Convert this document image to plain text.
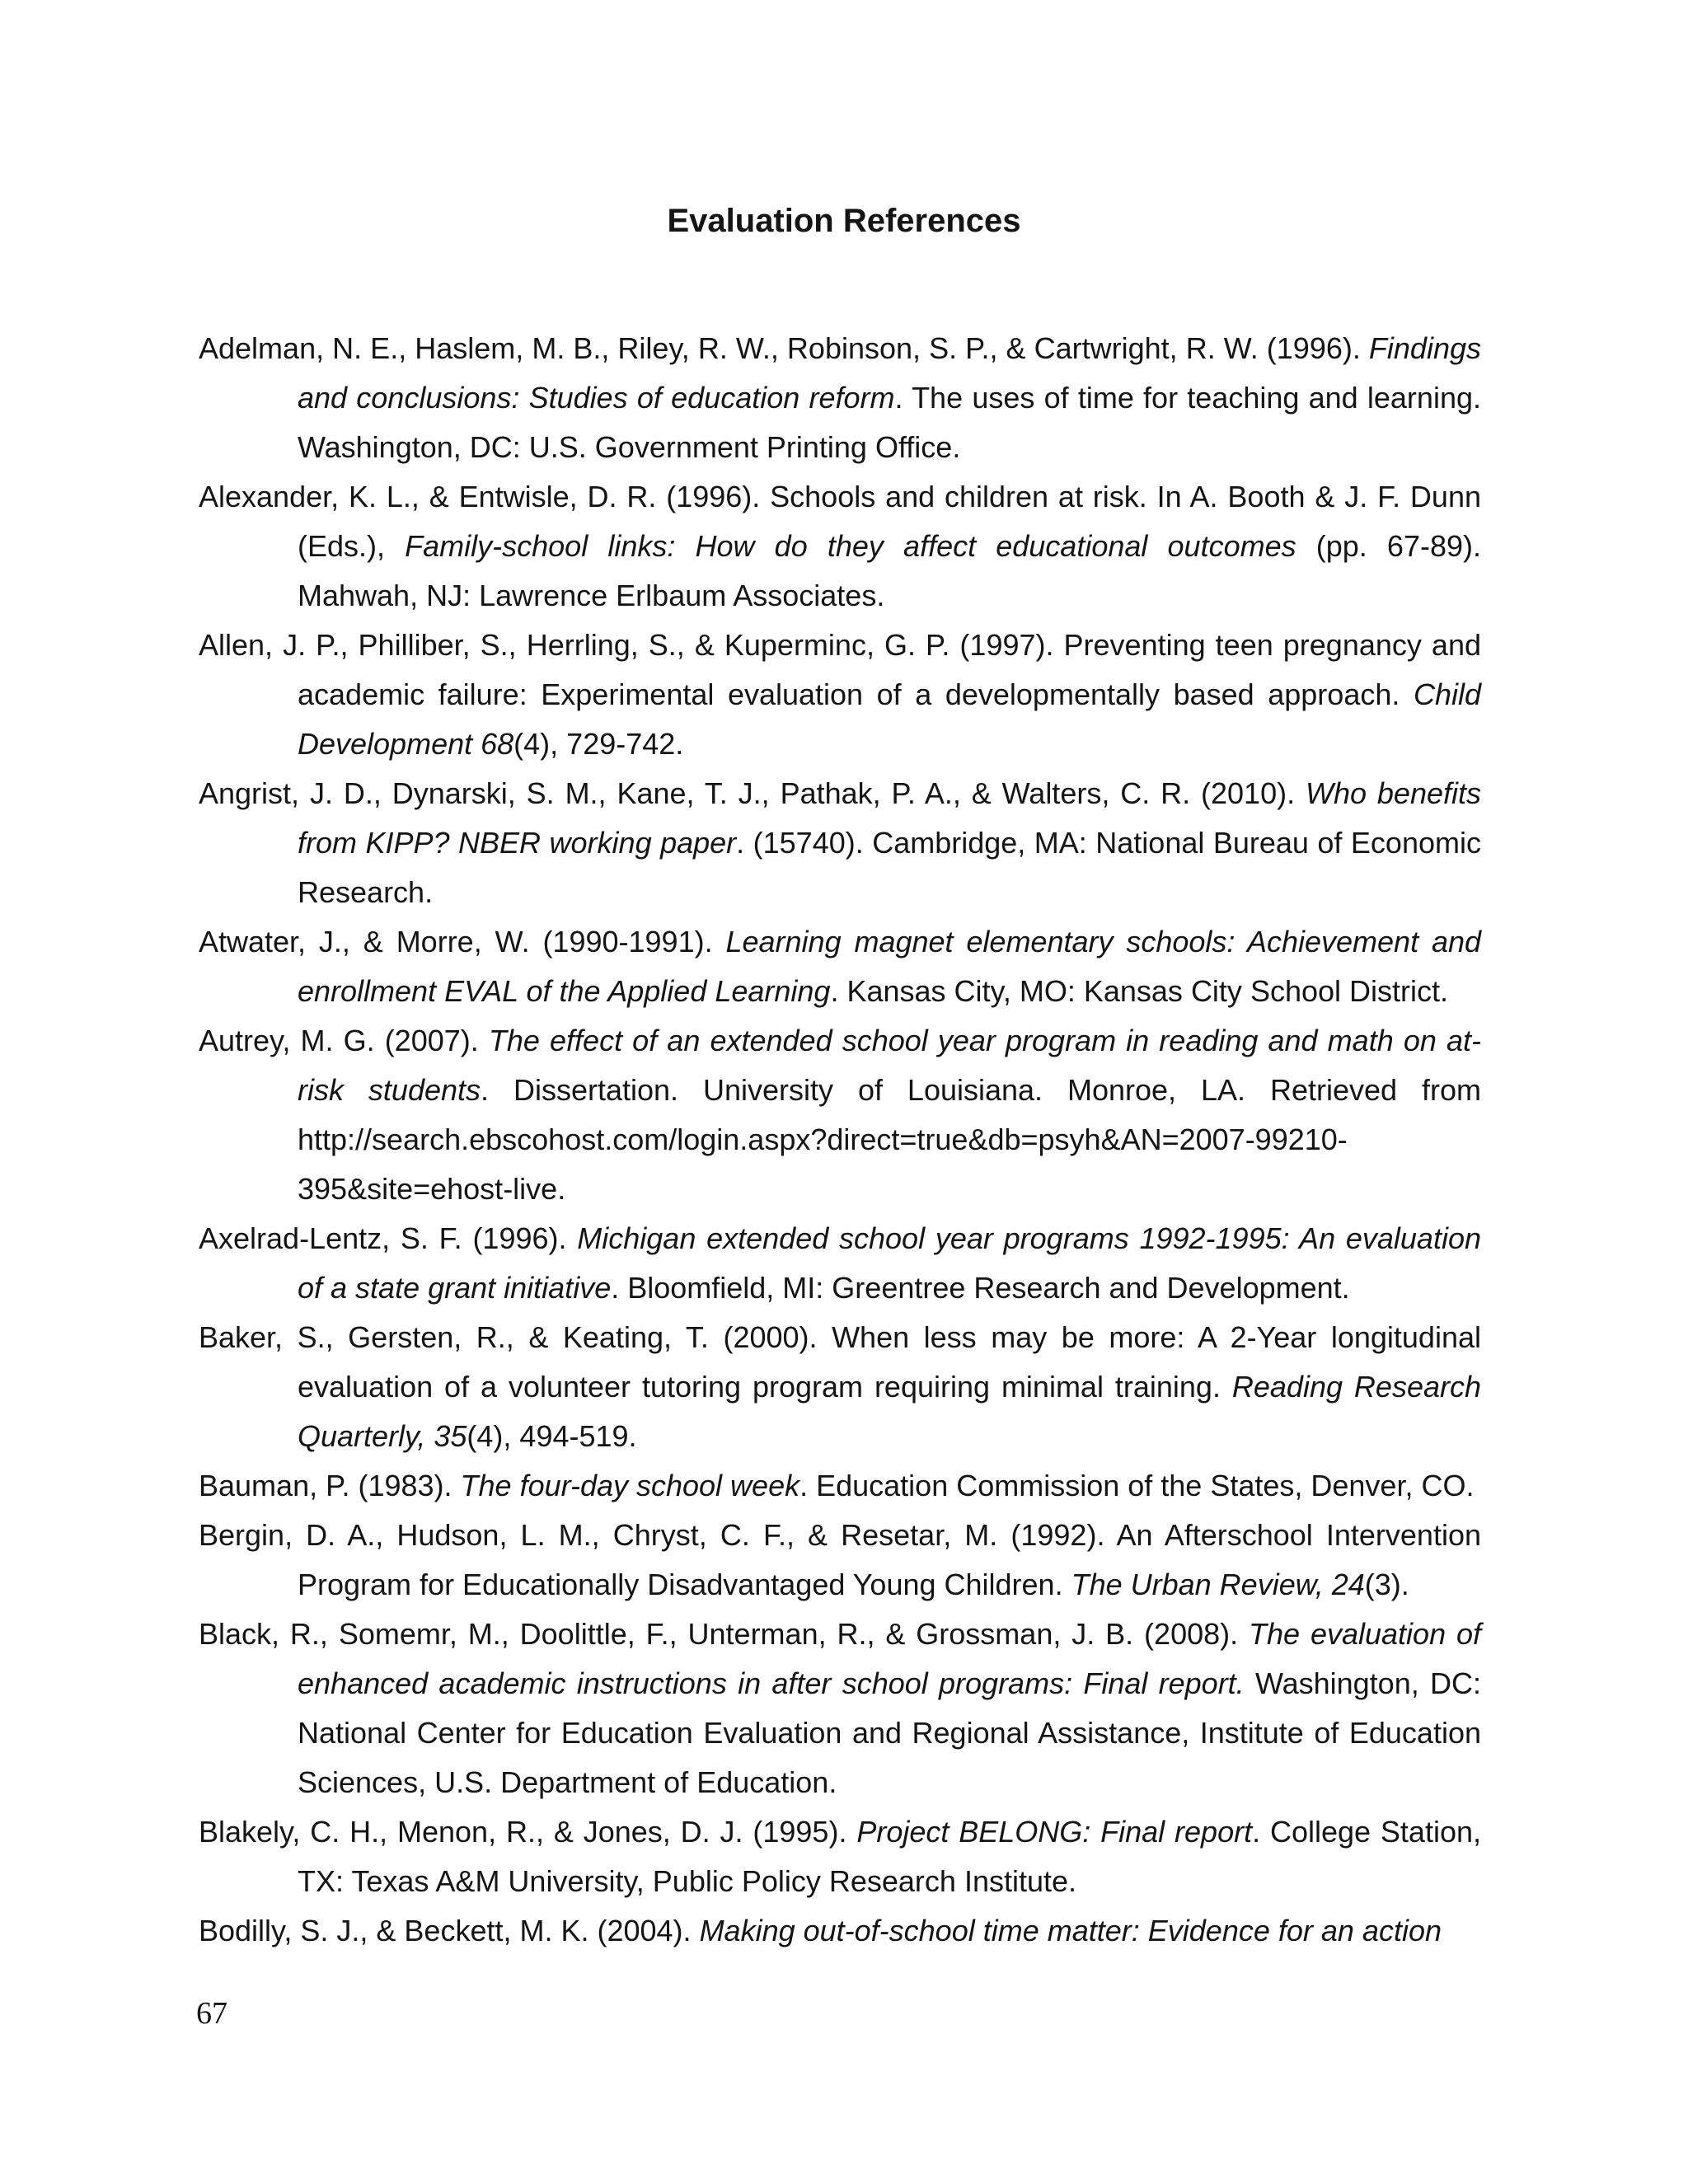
Evaluation References
Adelman, N. E., Haslem, M. B., Riley, R. W., Robinson, S. P., & Cartwright, R. W. (1996). Findings and conclusions: Studies of education reform. The uses of time for teaching and learning. Washington, DC: U.S. Government Printing Office.
Alexander, K. L., & Entwisle, D. R. (1996). Schools and children at risk. In A. Booth & J. F. Dunn (Eds.), Family-school links: How do they affect educational outcomes (pp. 67-89). Mahwah, NJ: Lawrence Erlbaum Associates.
Allen, J. P., Philliber, S., Herrling, S., & Kuperminc, G. P. (1997). Preventing teen pregnancy and academic failure: Experimental evaluation of a developmentally based approach. Child Development 68(4), 729-742.
Angrist, J. D., Dynarski, S. M., Kane, T. J., Pathak, P. A., & Walters, C. R. (2010). Who benefits from KIPP? NBER working paper. (15740). Cambridge, MA: National Bureau of Economic Research.
Atwater, J., & Morre, W. (1990-1991). Learning magnet elementary schools: Achievement and enrollment EVAL of the Applied Learning. Kansas City, MO: Kansas City School District.
Autrey, M. G. (2007). The effect of an extended school year program in reading and math on at-risk students. Dissertation. University of Louisiana. Monroe, LA. Retrieved from http://search.ebscohost.com/login.aspx?direct=true&db=psyh&AN=2007-99210-395&site=ehost-live.
Axelrad-Lentz, S. F. (1996). Michigan extended school year programs 1992-1995: An evaluation of a state grant initiative. Bloomfield, MI: Greentree Research and Development.
Baker, S., Gersten, R., & Keating, T. (2000). When less may be more: A 2-Year longitudinal evaluation of a volunteer tutoring program requiring minimal training. Reading Research Quarterly, 35(4), 494-519.
Bauman, P. (1983). The four-day school week. Education Commission of the States, Denver, CO.
Bergin, D. A., Hudson, L. M., Chryst, C. F., & Resetar, M. (1992). An Afterschool Intervention Program for Educationally Disadvantaged Young Children. The Urban Review, 24(3).
Black, R., Somemr, M., Doolittle, F., Unterman, R., & Grossman, J. B. (2008). The evaluation of enhanced academic instructions in after school programs: Final report. Washington, DC: National Center for Education Evaluation and Regional Assistance, Institute of Education Sciences, U.S. Department of Education.
Blakely, C. H., Menon, R., & Jones, D. J. (1995). Project BELONG: Final report. College Station, TX: Texas A&M University, Public Policy Research Institute.
Bodilly, S. J., & Beckett, M. K. (2004). Making out-of-school time matter: Evidence for an action
67
